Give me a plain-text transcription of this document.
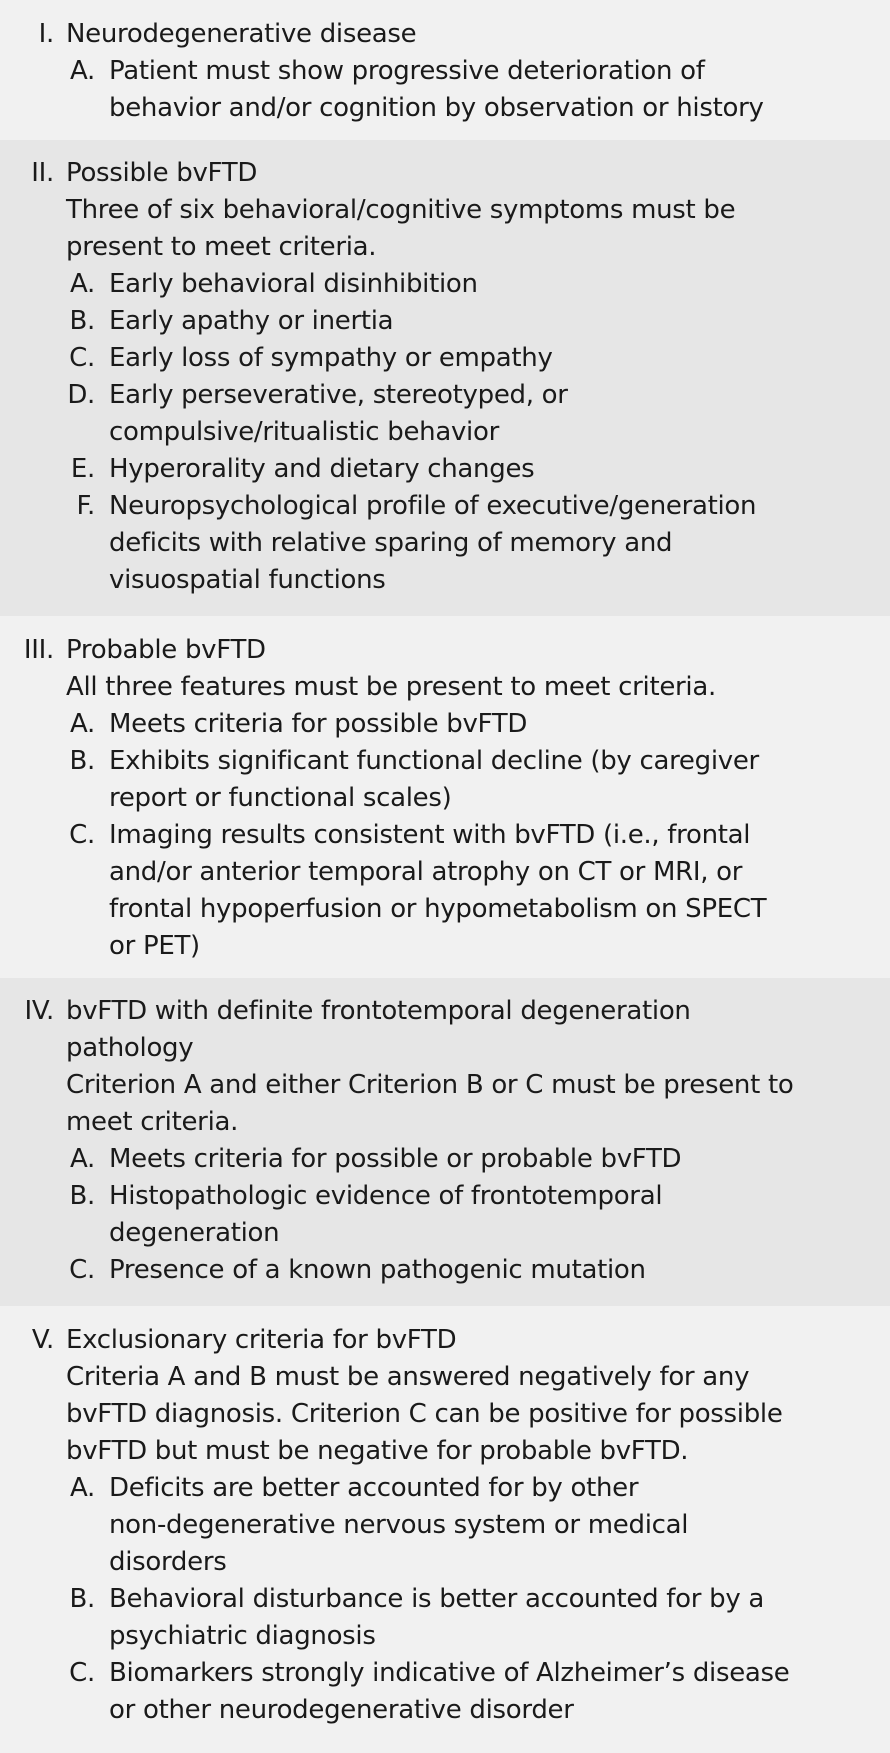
I. Neurodegenerative disease
A. Patient must show progressive deterioration of
behavior and/or cognition by observation or history
II. Possible bvFTD
Three of six behavioral/cognitive symptoms must be
present to meet criteria.
A. Early behavioral disinhibition
B. Early apathy or inertia
C. Early loss of sympathy or empathy
D. Early perseverative, stereotyped, or
compulsive/ritualistic behavior
E. Hyperorality and dietary changes
F. Neuropsychological profile of executive/generation
deficits with relative sparing of memory and
visuospatial functions
III. Probable bvFTD
All three features must be present to meet criteria.
A. Meets criteria for possible bvFTD
B. Exhibits significant functional decline (by caregiver
report or functional scales)
C. Imaging results consistent with bvFTD (i.e., frontal
and/or anterior temporal atrophy on CT or MRI, or
frontal hypoperfusion or hypometabolism on SPECT
or PET)
IV. bvFTD with definite frontotemporal degeneration
pathology
Criterion A and either Criterion B or C must be present to
meet criteria.
A. Meets criteria for possible or probable bvFTD
B. Histopathologic evidence of frontotemporal
degeneration
C. Presence of a known pathogenic mutation
V. Exclusionary criteria for bvFTD
Criteria A and B must be answered negatively for any
bvFTD diagnosis. Criterion C can be positive for possible
bvFTD but must be negative for probable bvFTD.
A. Deficits are better accounted for by other
non-degenerative nervous system or medical
disorders
B. Behavioral disturbance is better accounted for by a
psychiatric diagnosis
C. Biomarkers strongly indicative of Alzheimer’s disease
or other neurodegenerative disorder
